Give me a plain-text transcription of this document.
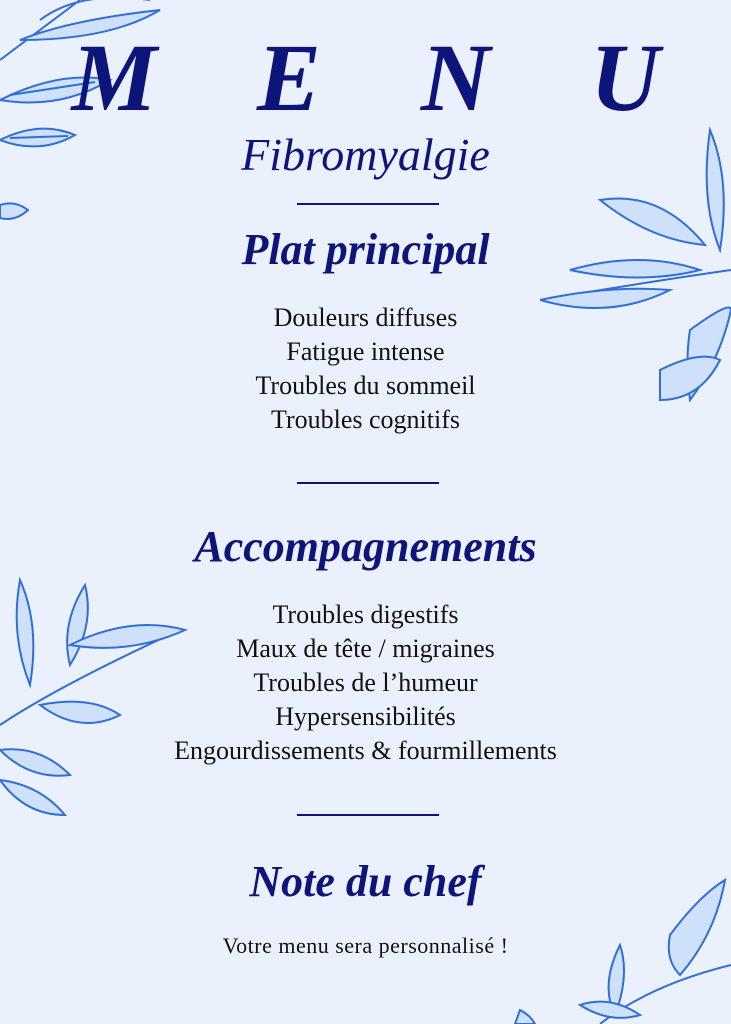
M E N U
Fibromyalgie
Plat principal
Douleurs diffuses
Fatigue intense
Troubles du sommeil
Troubles cognitifs
Accompagnements
Troubles digestifs
Maux de tête / migraines
Troubles de l’humeur
Hypersensibilités
Engourdissements & fourmillements
Note du chef
Votre menu sera personnalisé !
